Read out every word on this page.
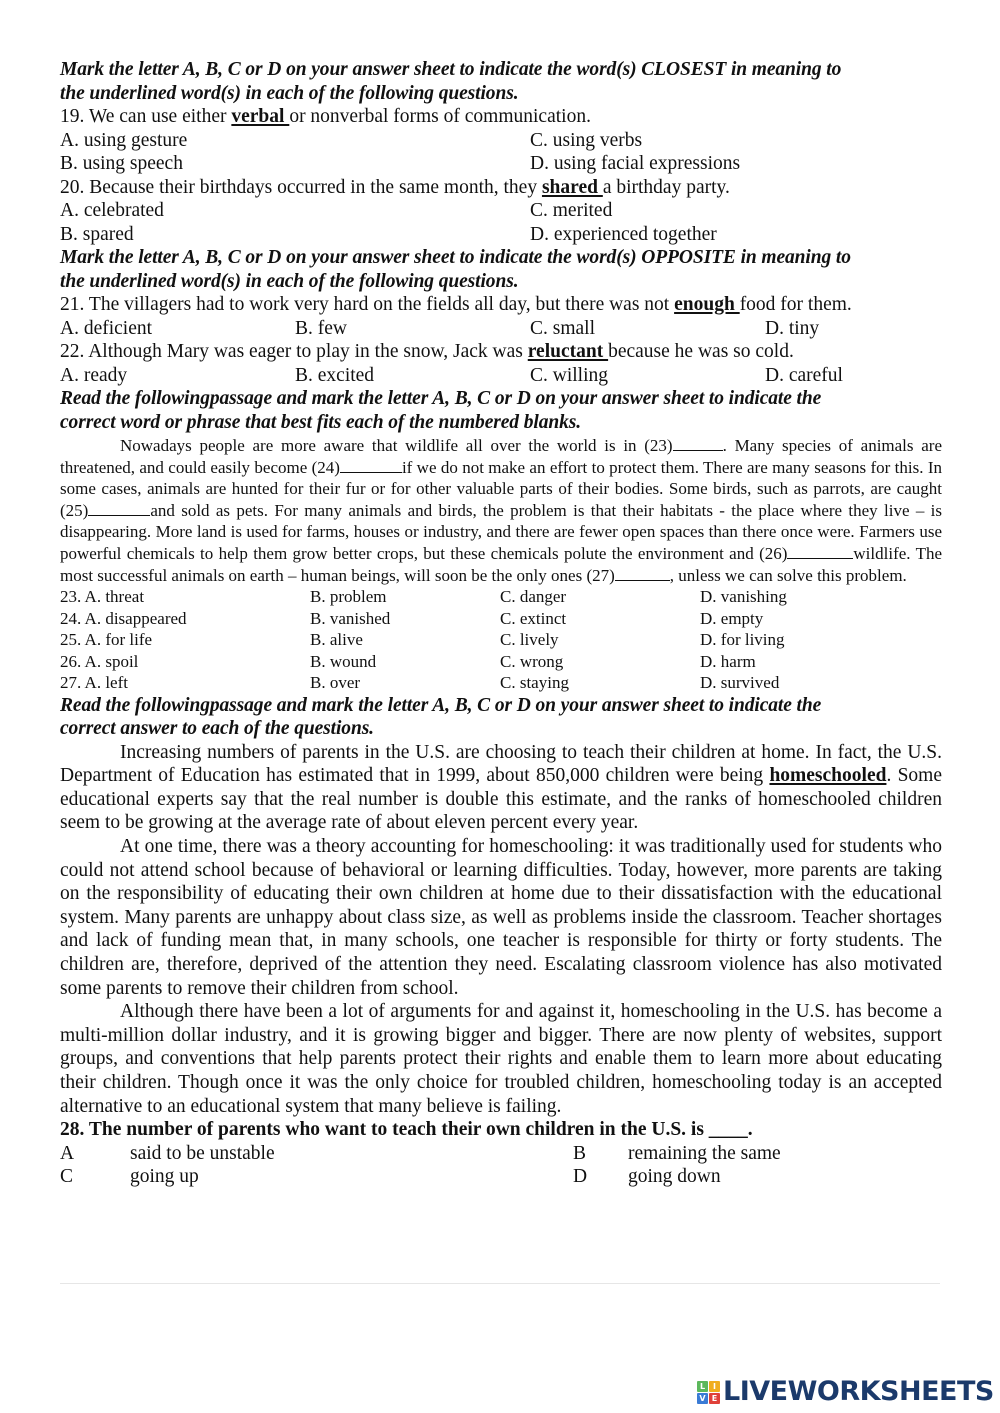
Mark the letter A, B, C or D on your answer sheet to indicate the word(s) CLOSEST in meaning to
the underlined word(s) in each of the following questions.
19. We can use either verbal or nonverbal forms of communication.
A. using gesture	C. using verbs
B. using speech	D. using facial expressions
20. Because their birthdays occurred in the same month, they shared a birthday party.
A. celebrated	C. merited
B. spared	D. experienced together
Mark the letter A, B, C or D on your answer sheet to indicate the word(s) OPPOSITE in meaning to
the underlined word(s) in each of the following questions.
21. The villagers had to work very hard on the fields all day, but there was not enough food for them.
A. deficient	B. few	C. small	D. tiny
22. Although Mary was eager to play in the snow, Jack was reluctant because he was so cold.
A. ready	B. excited	C. willing	D. careful
Read the followingpassage and mark the letter A, B, C or D on your answer sheet to indicate the
correct word or phrase that best fits each of the numbered blanks.

Nowadays people are more aware that wildlife all over the world is in (23)	. Many species of animals are threatened, and could easily become (24)	if we do not make an effort to protect them. There are many seasons for this. In some cases, animals are hunted for their fur or for other valuable parts of their bodies. Some birds, such as parrots, are caught (25)	and sold as pets. For many animals and birds, the problem is that their habitats - the place where they live – is disappearing. More land is used for farms, houses or industry, and there are fewer open spaces than there once were. Farmers use powerful chemicals to help them grow better crops, but these chemicals polute the environment and (26)	wildlife. The most successful animals on earth – human beings, will soon be the only ones (27)	, unless we can solve this problem.

23. A. threat	B. problem	C. danger	D. vanishing
24. A. disappeared	B. vanished	C. extinct	D. empty
25. A. for life	B. alive	C. lively	D. for living
26. A. spoil	B. wound	C. wrong	D. harm
27. A. left	B. over	C. staying	D. survived
Read the followingpassage and mark the letter A, B, C or D on your answer sheet to indicate the
correct answer to each of the questions.

Increasing numbers of parents in the U.S. are choosing to teach their children at home. In fact, the U.S. Department of Education has estimated that in 1999, about 850,000 children were being homeschooled. Some educational experts say that the real number is double this estimate, and the ranks of homeschooled children seem to be growing at the average rate of about eleven percent every year.

At one time, there was a theory accounting for homeschooling: it was traditionally used for students who could not attend school because of behavioral or learning difficulties. Today, however, more parents are taking on the responsibility of educating their own children at home due to their dissatisfaction with the educational system. Many parents are unhappy about class size, as well as problems inside the classroom. Teacher shortages and lack of funding mean that, in many schools, one teacher is responsible for thirty or forty students. The children are, therefore, deprived of the attention they need. Escalating classroom violence has also motivated some parents to remove their children from school.

Although there have been a lot of arguments for and against it, homeschooling in the U.S. has become a multi-million dollar industry, and it is growing bigger and bigger. There are now plenty of websites, support groups, and conventions that help parents protect their rights and enable them to learn more about educating their children. Though once it was the only choice for troubled children, homeschooling today is an accepted alternative to an educational system that many believe is failing.

28. The number of parents who want to teach their own children in the U.S. is ____.
A	said to be unstable	B remaining the same
C	going up	D going down
L I
V E LIVEWORKSHEETS
